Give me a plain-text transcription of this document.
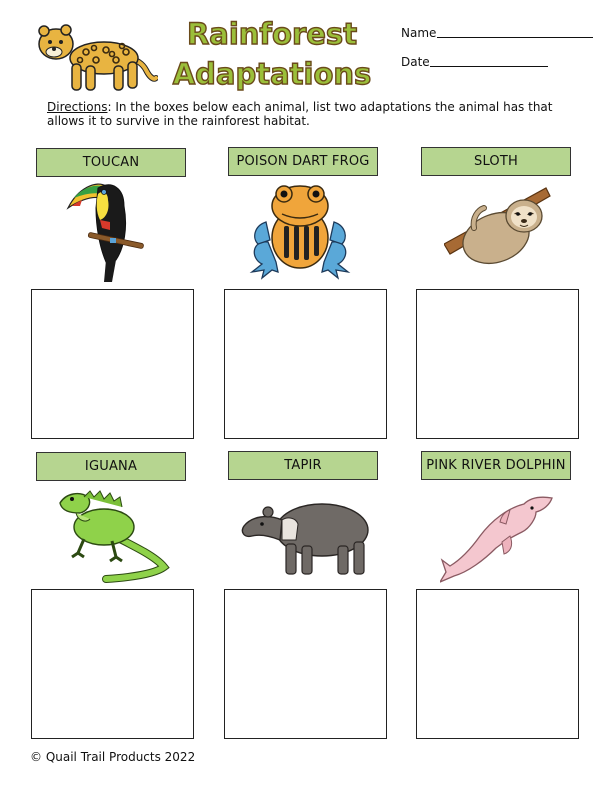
Rainforest
Adaptations
Name
Date
Directions: In the boxes below each animal, list two adaptations the animal has that allows it to survive in the rainforest habitat.
TOUCAN	POISON DART FROG	SLOTH
IGUANA	TAPIR	PINK RIVER DOLPHIN
© Quail Trail Products 2022
